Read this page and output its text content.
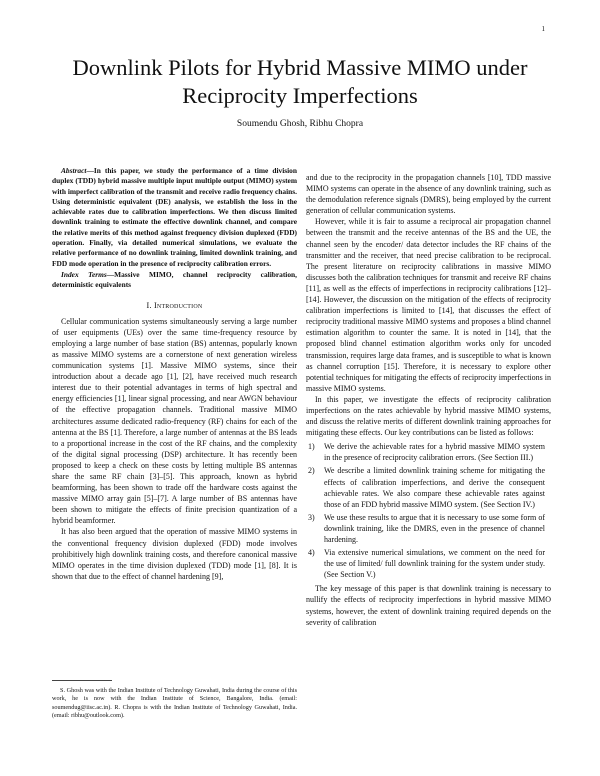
1
Downlink Pilots for Hybrid Massive MIMO under Reciprocity Imperfections
Soumendu Ghosh, Ribhu Chopra

Abstract—In this paper, we study the performance of a time division duplex (TDD) hybrid massive multiple input multiple output (MIMO) system with imperfect calibration of the transmit and receive radio frequency chains. Using deterministic equivalent (DE) analysis, we establish the loss in the achievable rates due to calibration imperfections. We then discuss limited downlink training to estimate the effective downlink channel, and compare the relative merits of this method against frequency division duplexed (FDD) operation. Finally, via detailed numerical simulations, we evaluate the relative performance of no downlink training, limited downlink training, and FDD mode operation in the presence of reciprocity calibration errors.

Index Terms—Massive MIMO, channel reciprocity calibration, deterministic equivalents

I. Introduction

Cellular communication systems simultaneously serving a large number of user equipments (UEs) over the same time-frequency resource by employing a large number of base station (BS) antennas, popularly known as massive MIMO systems are a cornerstone of next generation wireless communication systems [1]. Massive MIMO systems, since their introduction about a decade ago [1], [2], have received much research interest due to their potential advantages in terms of high spectral and energy efficiencies [1], linear signal processing, and near AWGN behaviour of the effective propagation channels. Traditional massive MIMO architectures assume dedicated radio-frequency (RF) chains for each of the antenna at the BS [1]. Therefore, a large number of antennas at the BS leads to a proportional increase in the cost of the RF chains, and the complexity of the digital signal processing (DSP) architecture. It has recently been proposed to keep a check on these costs by letting multiple BS antennas share the same RF chain [3]–[5]. This approach, known as hybrid beamforming, has been shown to trade off the hardware costs against the massive MIMO array gain [5]–[7]. A large number of BS antennas have been shown to mitigate the effects of finite precision quantization of a hybrid beamformer.

It has also been argued that the operation of massive MIMO systems in the conventional frequency division duplexed (FDD) mode involves prohibitively high downlink training costs, and therefore canonical massive MIMO operates in the time division duplexed (TDD) mode [1], [8]. It is shown that due to the effect of channel hardening [9],

S. Ghosh was with the Indian Institute of Technology Guwahati, India during the course of this work, he is now with the Indian Institute of Science, Bangalore, India. (email: soumendug@iisc.ac.in). R. Chopra is with the Indian Institute of Technology Guwahati, India. (email: ribhu@outlook.com).

and due to the reciprocity in the propagation channels [10], TDD massive MIMO systems can operate in the absence of any downlink training, such as the demodulation reference signals (DMRS), being employed by the current generation of cellular communication systems.

However, while it is fair to assume a reciprocal air propagation channel between the transmit and the receive antennas of the BS and the UE, the channel seen by the encoder/ data detector includes the RF chains of the transmitter and the receiver, that need precise calibration to be reciprocal. The present literature on reciprocity calibrations in massive MIMO discusses both the calibration techniques for transmit and receive RF chains [11], as well as the effects of imperfections in reciprocity calibrations [12]–[14]. However, the discussion on the mitigation of the effects of reciprocity calibration imperfections is limited to [14], that discusses the effect of reciprocity traditional massive MIMO systems and proposes a blind channel estimation algorithm to counter the same. It is noted in [14], that the proposed blind channel estimation algorithm works only for uncoded transmission, requires large data frames, and is susceptible to what is known as channel corruption [15]. Therefore, it is necessary to explore other potential techniques for mitigating the effects of reciprocity imperfections in massive MIMO systems.

In this paper, we investigate the effects of reciprocity calibration imperfections on the rates achievable by hybrid massive MIMO systems, and discuss the relative merits of different downlink training approaches for mitigating these effects. Our key contributions can be listed as follows:

1) We derive the achievable rates for a hybrid massive MIMO system in the presence of reciprocity calibration errors. (See Section III.)
2) We describe a limited downlink training scheme for mitigating the effects of calibration imperfections, and derive the consequent achievable rates. We also compare these achievable rates against those of an FDD hybrid massive MIMO system. (See Section IV.)
3) We use these results to argue that it is necessary to use some form of downlink training, like the DMRS, even in the presence of channel hardening.
4) Via extensive numerical simulations, we comment on the need for the use of limited/ full downlink training for the system under study. (See Section V.)

The key message of this paper is that downlink training is necessary to nullify the effects of reciprocity imperfections in hybrid massive MIMO systems, however, the extent of downlink training required depends on the severity of calibration
